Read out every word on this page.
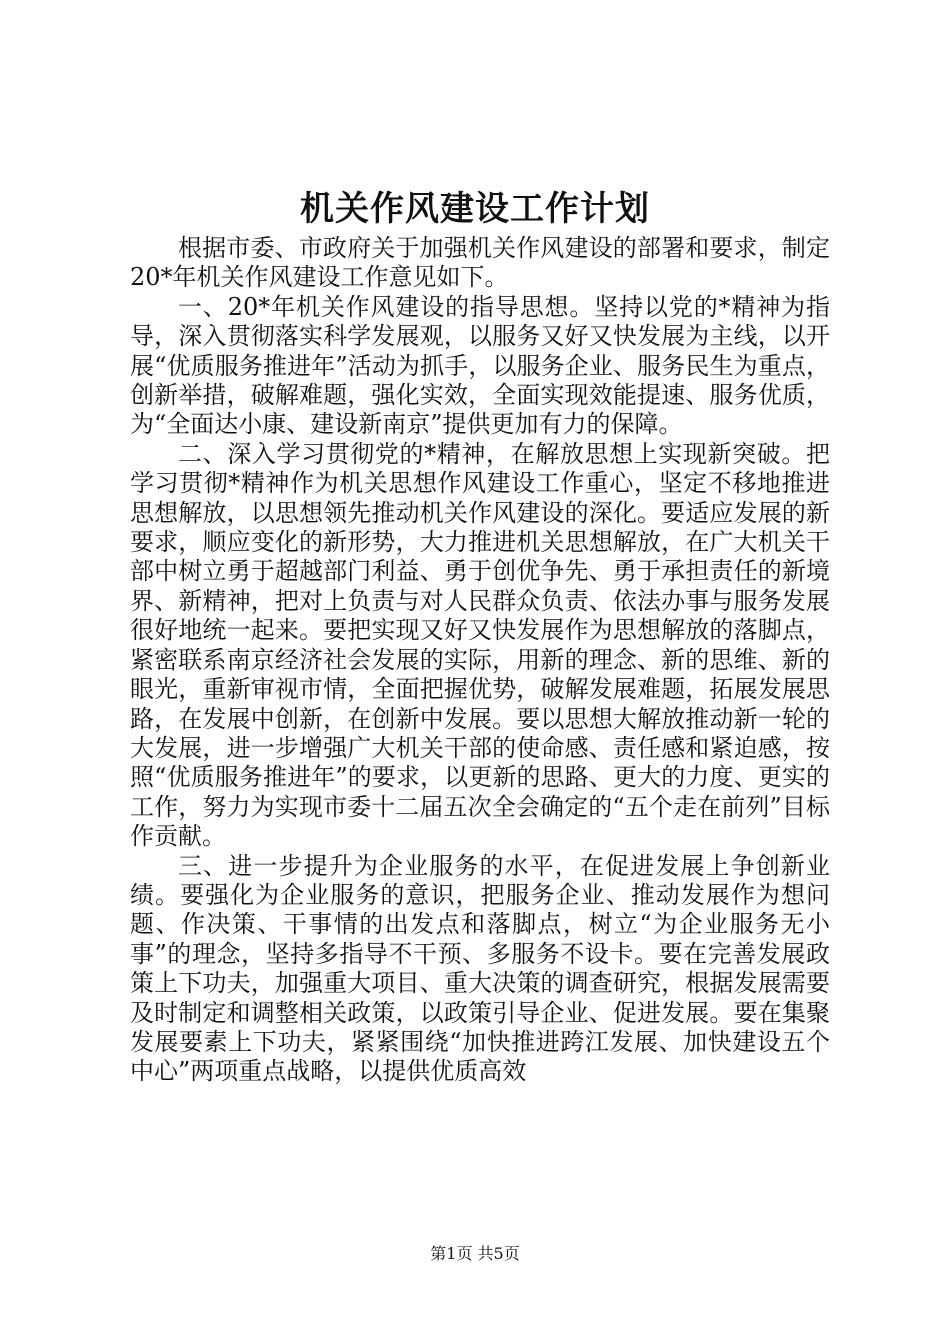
机关作风建设工作计划

根据市委、市政府关于加强机关作风建设的部署和要求，制定20*年机关作风建设工作意见如下。

一、20*年机关作风建设的指导思想。坚持以党的*精神为指导，深入贯彻落实科学发展观，以服务又好又快发展为主线，以开展“优质服务推进年”活动为抓手，以服务企业、服务民生为重点，创新举措，破解难题，强化实效，全面实现效能提速、服务优质，为“全面达小康、建设新南京”提供更加有力的保障。

二、深入学习贯彻党的*精神，在解放思想上实现新突破。把学习贯彻*精神作为机关思想作风建设工作重心，坚定不移地推进思想解放，以思想领先推动机关作风建设的深化。要适应发展的新要求，顺应变化的新形势，大力推进机关思想解放，在广大机关干部中树立勇于超越部门利益、勇于创优争先、勇于承担责任的新境界、新精神，把对上负责与对人民群众负责、依法办事与服务发展很好地统一起来。要把实现又好又快发展作为思想解放的落脚点，紧密联系南京经济社会发展的实际，用新的理念、新的思维、新的眼光，重新审视市情，全面把握优势，破解发展难题，拓展发展思路，在发展中创新，在创新中发展。要以思想大解放推动新一轮的大发展，进一步增强广大机关干部的使命感、责任感和紧迫感，按照“优质服务推进年”的要求，以更新的思路、更大的力度、更实的工作，努力为实现市委十二届五次全会确定的“五个走在前列”目标作贡献。

三、进一步提升为企业服务的水平，在促进发展上争创新业绩。要强化为企业服务的意识，把服务企业、推动发展作为想问题、作决策、干事情的出发点和落脚点，树立“为企业服务无小事”的理念，坚持多指导不干预、多服务不设卡。要在完善发展政策上下功夫，加强重大项目、重大决策的调查研究，根据发展需要及时制定和调整相关政策，以政策引导企业、促进发展。要在集聚发展要素上下功夫，紧紧围绕“加快推进跨江发展、加快建设五个中心”两项重点战略，以提供优质高效

第1页 共5页
